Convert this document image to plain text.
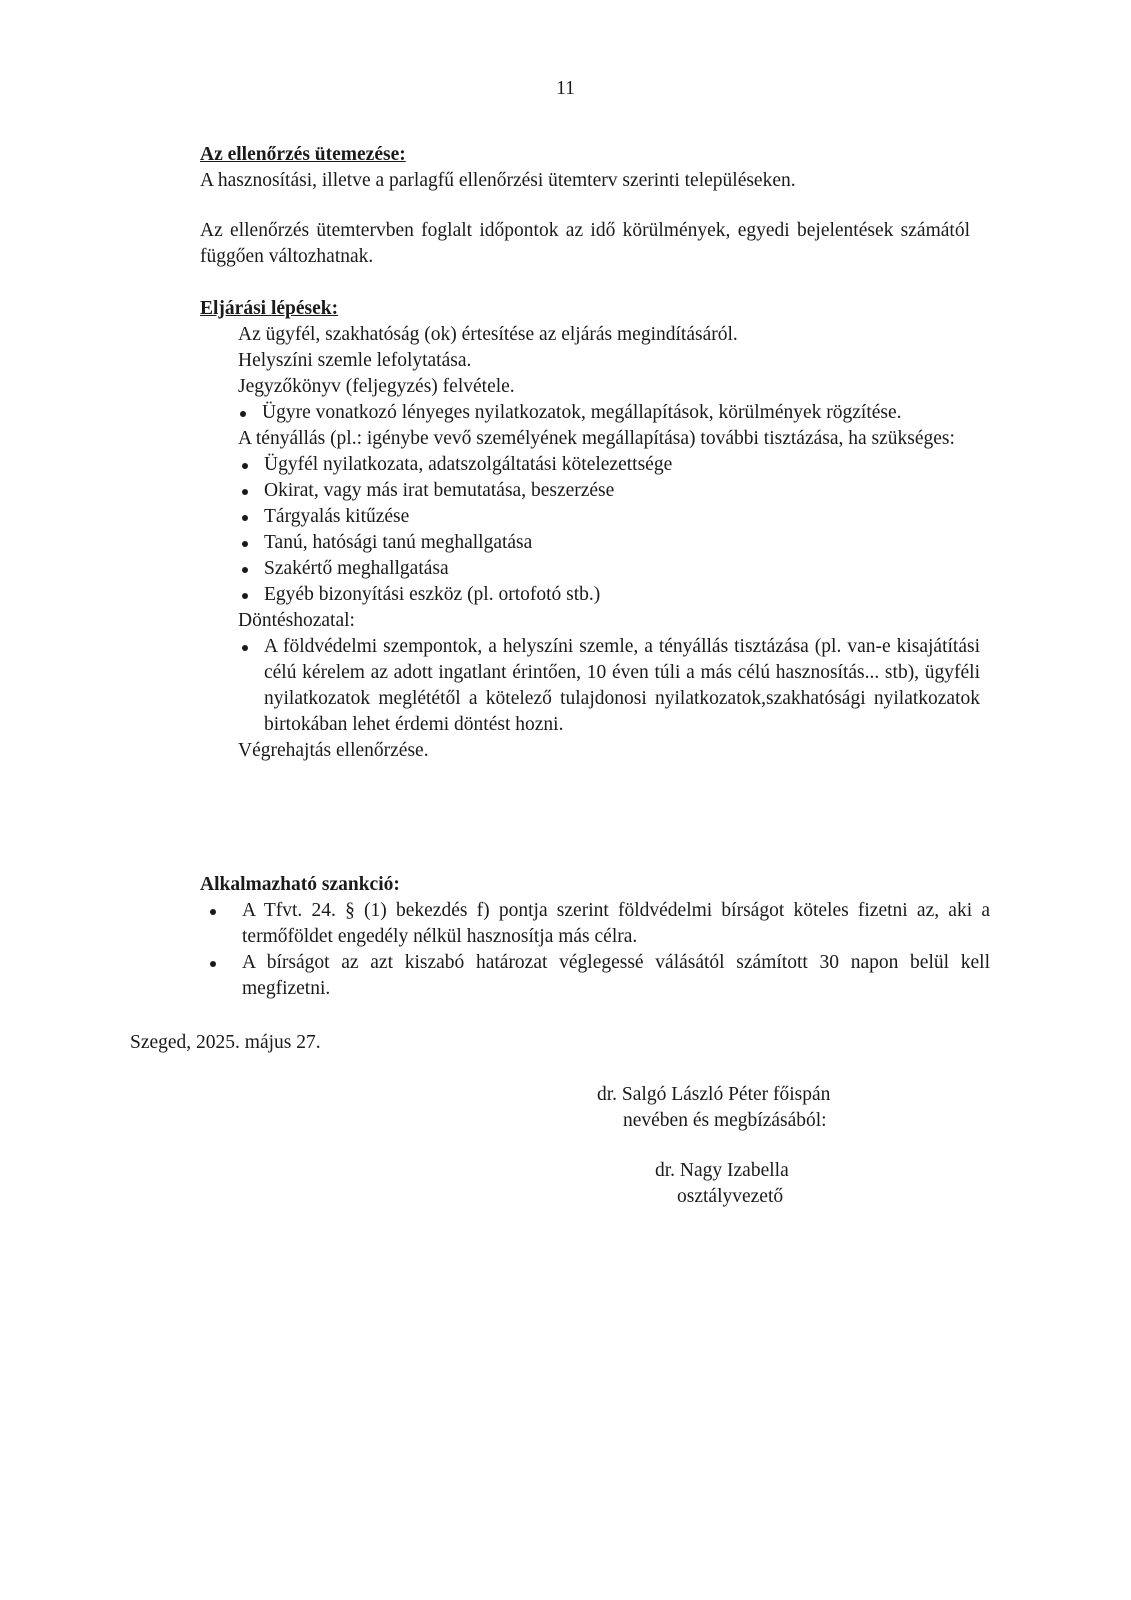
11
Az ellenőrzés ütemezése:
A hasznosítási, illetve a parlagfű ellenőrzési ütemterv szerinti településeken.
Az ellenőrzés ütemtervben foglalt időpontok az idő körülmények, egyedi bejelentések számától függően változhatnak.
Eljárási lépések:
Az ügyfél, szakhatóság (ok) értesítése az eljárás megindításáról.
Helyszíni szemle lefolytatása.
Jegyzőkönyv (feljegyzés) felvétele.
Ügyre vonatkozó lényeges nyilatkozatok, megállapítások, körülmények rögzítése.
A tényállás (pl.: igénybe vevő személyének megállapítása) további tisztázása, ha szükséges:
Ügyfél nyilatkozata, adatszolgáltatási kötelezettsége
Okirat, vagy más irat bemutatása, beszerzése
Tárgyalás kitűzése
Tanú, hatósági tanú meghallgatása
Szakértő meghallgatása
Egyéb bizonyítási eszköz (pl. ortofotó stb.)
Döntéshozatal:
A földvédelmi szempontok, a helyszíni szemle, a tényállás tisztázása (pl. van-e kisajátítási célú kérelem az adott ingatlant érintően, 10 éven túli a más célú hasznosítás... stb), ügyféli nyilatkozatok meglététől a kötelező tulajdonosi nyilatkozatok,szakhatósági nyilatkozatok birtokában lehet érdemi döntést hozni.
Végrehajtás ellenőrzése.
Alkalmazható szankció:
A Tfvt. 24. § (1) bekezdés f) pontja szerint földvédelmi bírságot köteles fizetni az, aki a termőföldet engedély nélkül hasznosítja más célra.
A bírságot az azt kiszabó határozat véglegessé válásától számított 30 napon belül kell megfizetni.
Szeged, 2025. május 27.
dr. Salgó László Péter főispán
nevében és megbízásából:
dr. Nagy Izabella
osztályvezető
